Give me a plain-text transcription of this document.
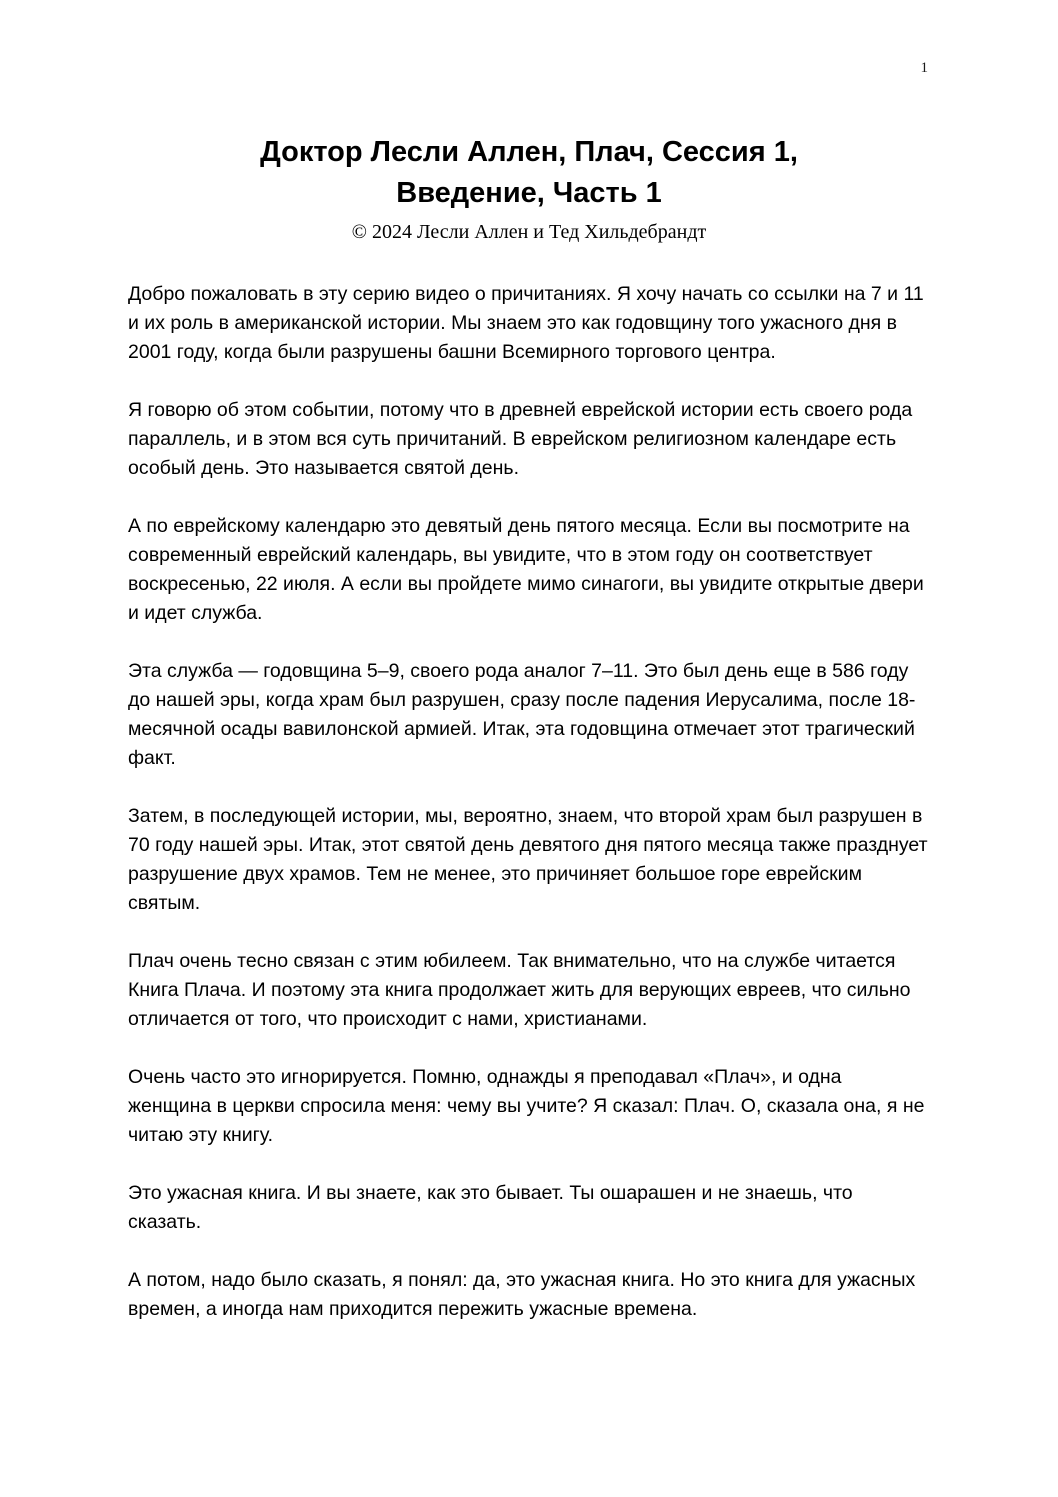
1
Доктор Лесли Аллен, Плач, Сессия 1,
Введение, Часть 1
© 2024 Лесли Аллен и Тед Хильдебрандт

Добро пожаловать в эту серию видео о причитаниях. Я хочу начать со ссылки на 7 и 11 и их роль в американской истории. Мы знаем это как годовщину того ужасного дня в 2001 году, когда были разрушены башни Всемирного торгового центра.

Я говорю об этом событии, потому что в древней еврейской истории есть своего рода параллель, и в этом вся суть причитаний. В еврейском религиозном календаре есть особый день. Это называется святой день.

А по еврейскому календарю это девятый день пятого месяца. Если вы посмотрите на современный еврейский календарь, вы увидите, что в этом году он соответствует воскресенью, 22 июля. А если вы пройдете мимо синагоги, вы увидите открытые двери и идет служба.

Эта служба — годовщина 5–9, своего рода аналог 7–11. Это был день еще в 586 году до нашей эры, когда храм был разрушен, сразу после падения Иерусалима, после 18-месячной осады вавилонской армией. Итак, эта годовщина отмечает этот трагический факт.

Затем, в последующей истории, мы, вероятно, знаем, что второй храм был разрушен в 70 году нашей эры. Итак, этот святой день девятого дня пятого месяца также празднует разрушение двух храмов. Тем не менее, это причиняет большое горе еврейским святым.

Плач очень тесно связан с этим юбилеем. Так внимательно, что на службе читается Книга Плача. И поэтому эта книга продолжает жить для верующих евреев, что сильно отличается от того, что происходит с нами, христианами.

Очень часто это игнорируется. Помню, однажды я преподавал «Плач», и одна женщина в церкви спросила меня: чему вы учите? Я сказал: Плач. О, сказала она, я не читаю эту книгу.

Это ужасная книга. И вы знаете, как это бывает. Ты ошарашен и не знаешь, что сказать.

А потом, надо было сказать, я понял: да, это ужасная книга. Но это книга для ужасных времен, а иногда нам приходится пережить ужасные времена.
